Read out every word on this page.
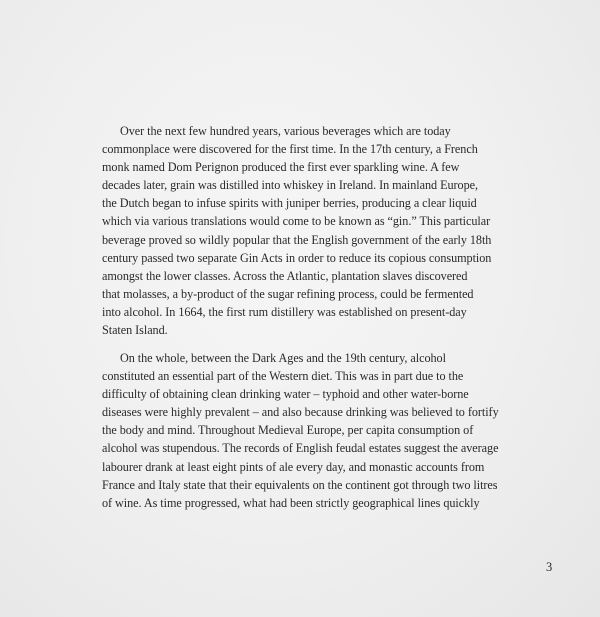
Over the next few hundred years, various beverages which are today
commonplace were discovered for the first time. In the 17th century, a French
monk named Dom Perignon produced the first ever sparkling wine. A few
decades later, grain was distilled into whiskey in Ireland. In mainland Europe,
the Dutch began to infuse spirits with juniper berries, producing a clear liquid
which via various translations would come to be known as “gin.” This particular
beverage proved so wildly popular that the English government of the early 18th
century passed two separate Gin Acts in order to reduce its copious consumption
amongst the lower classes. Across the Atlantic, plantation slaves discovered
that molasses, a by-product of the sugar refining process, could be fermented
into alcohol. In 1664, the first rum distillery was established on present-day
Staten Island.
On the whole, between the Dark Ages and the 19th century, alcohol
constituted an essential part of the Western diet. This was in part due to the
difficulty of obtaining clean drinking water – typhoid and other water-borne
diseases were highly prevalent – and also because drinking was believed to fortify
the body and mind. Throughout Medieval Europe, per capita consumption of
alcohol was stupendous. The records of English feudal estates suggest the average
labourer drank at least eight pints of ale every day, and monastic accounts from
France and Italy state that their equivalents on the continent got through two litres
of wine. As time progressed, what had been strictly geographical lines quickly
3
